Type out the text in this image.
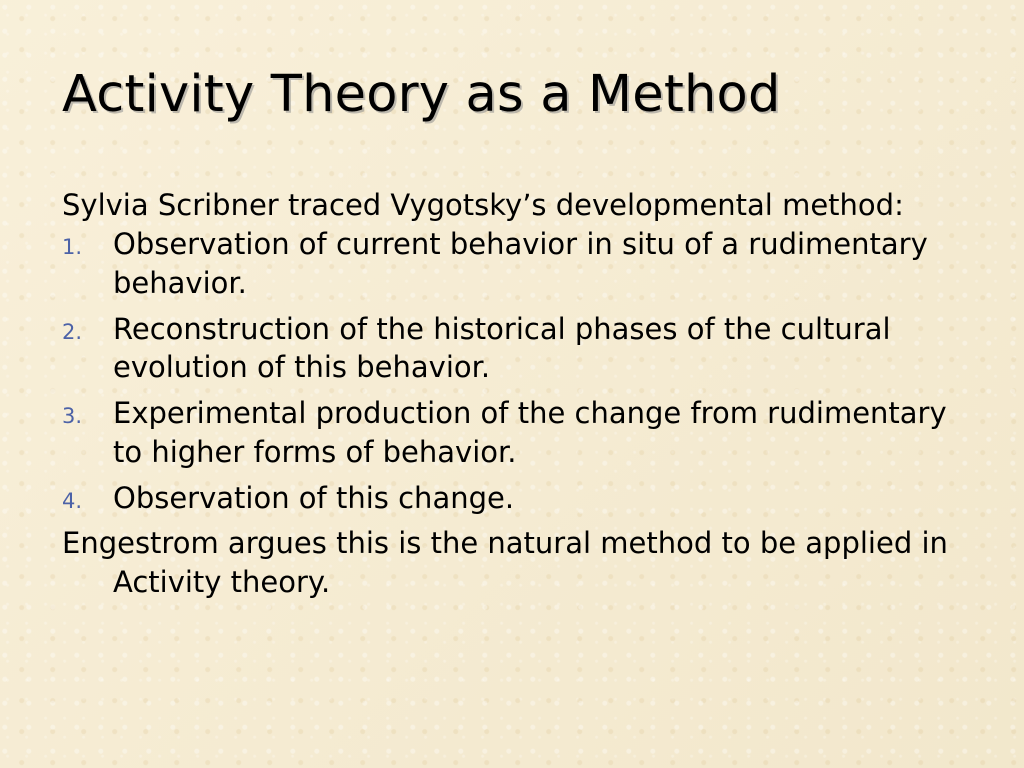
Activity Theory as a Method
Sylvia Scribner traced Vygotsky’s developmental method:
1.	Observation of current behavior in situ of a rudimentary behavior.
2.	Reconstruction of the historical phases of the cultural evolution of this behavior.
3.	Experimental production of the change from rudimentary to higher forms of behavior.
4.	Observation of this change.
Engestrom argues this is the natural method to be applied in Activity theory.
